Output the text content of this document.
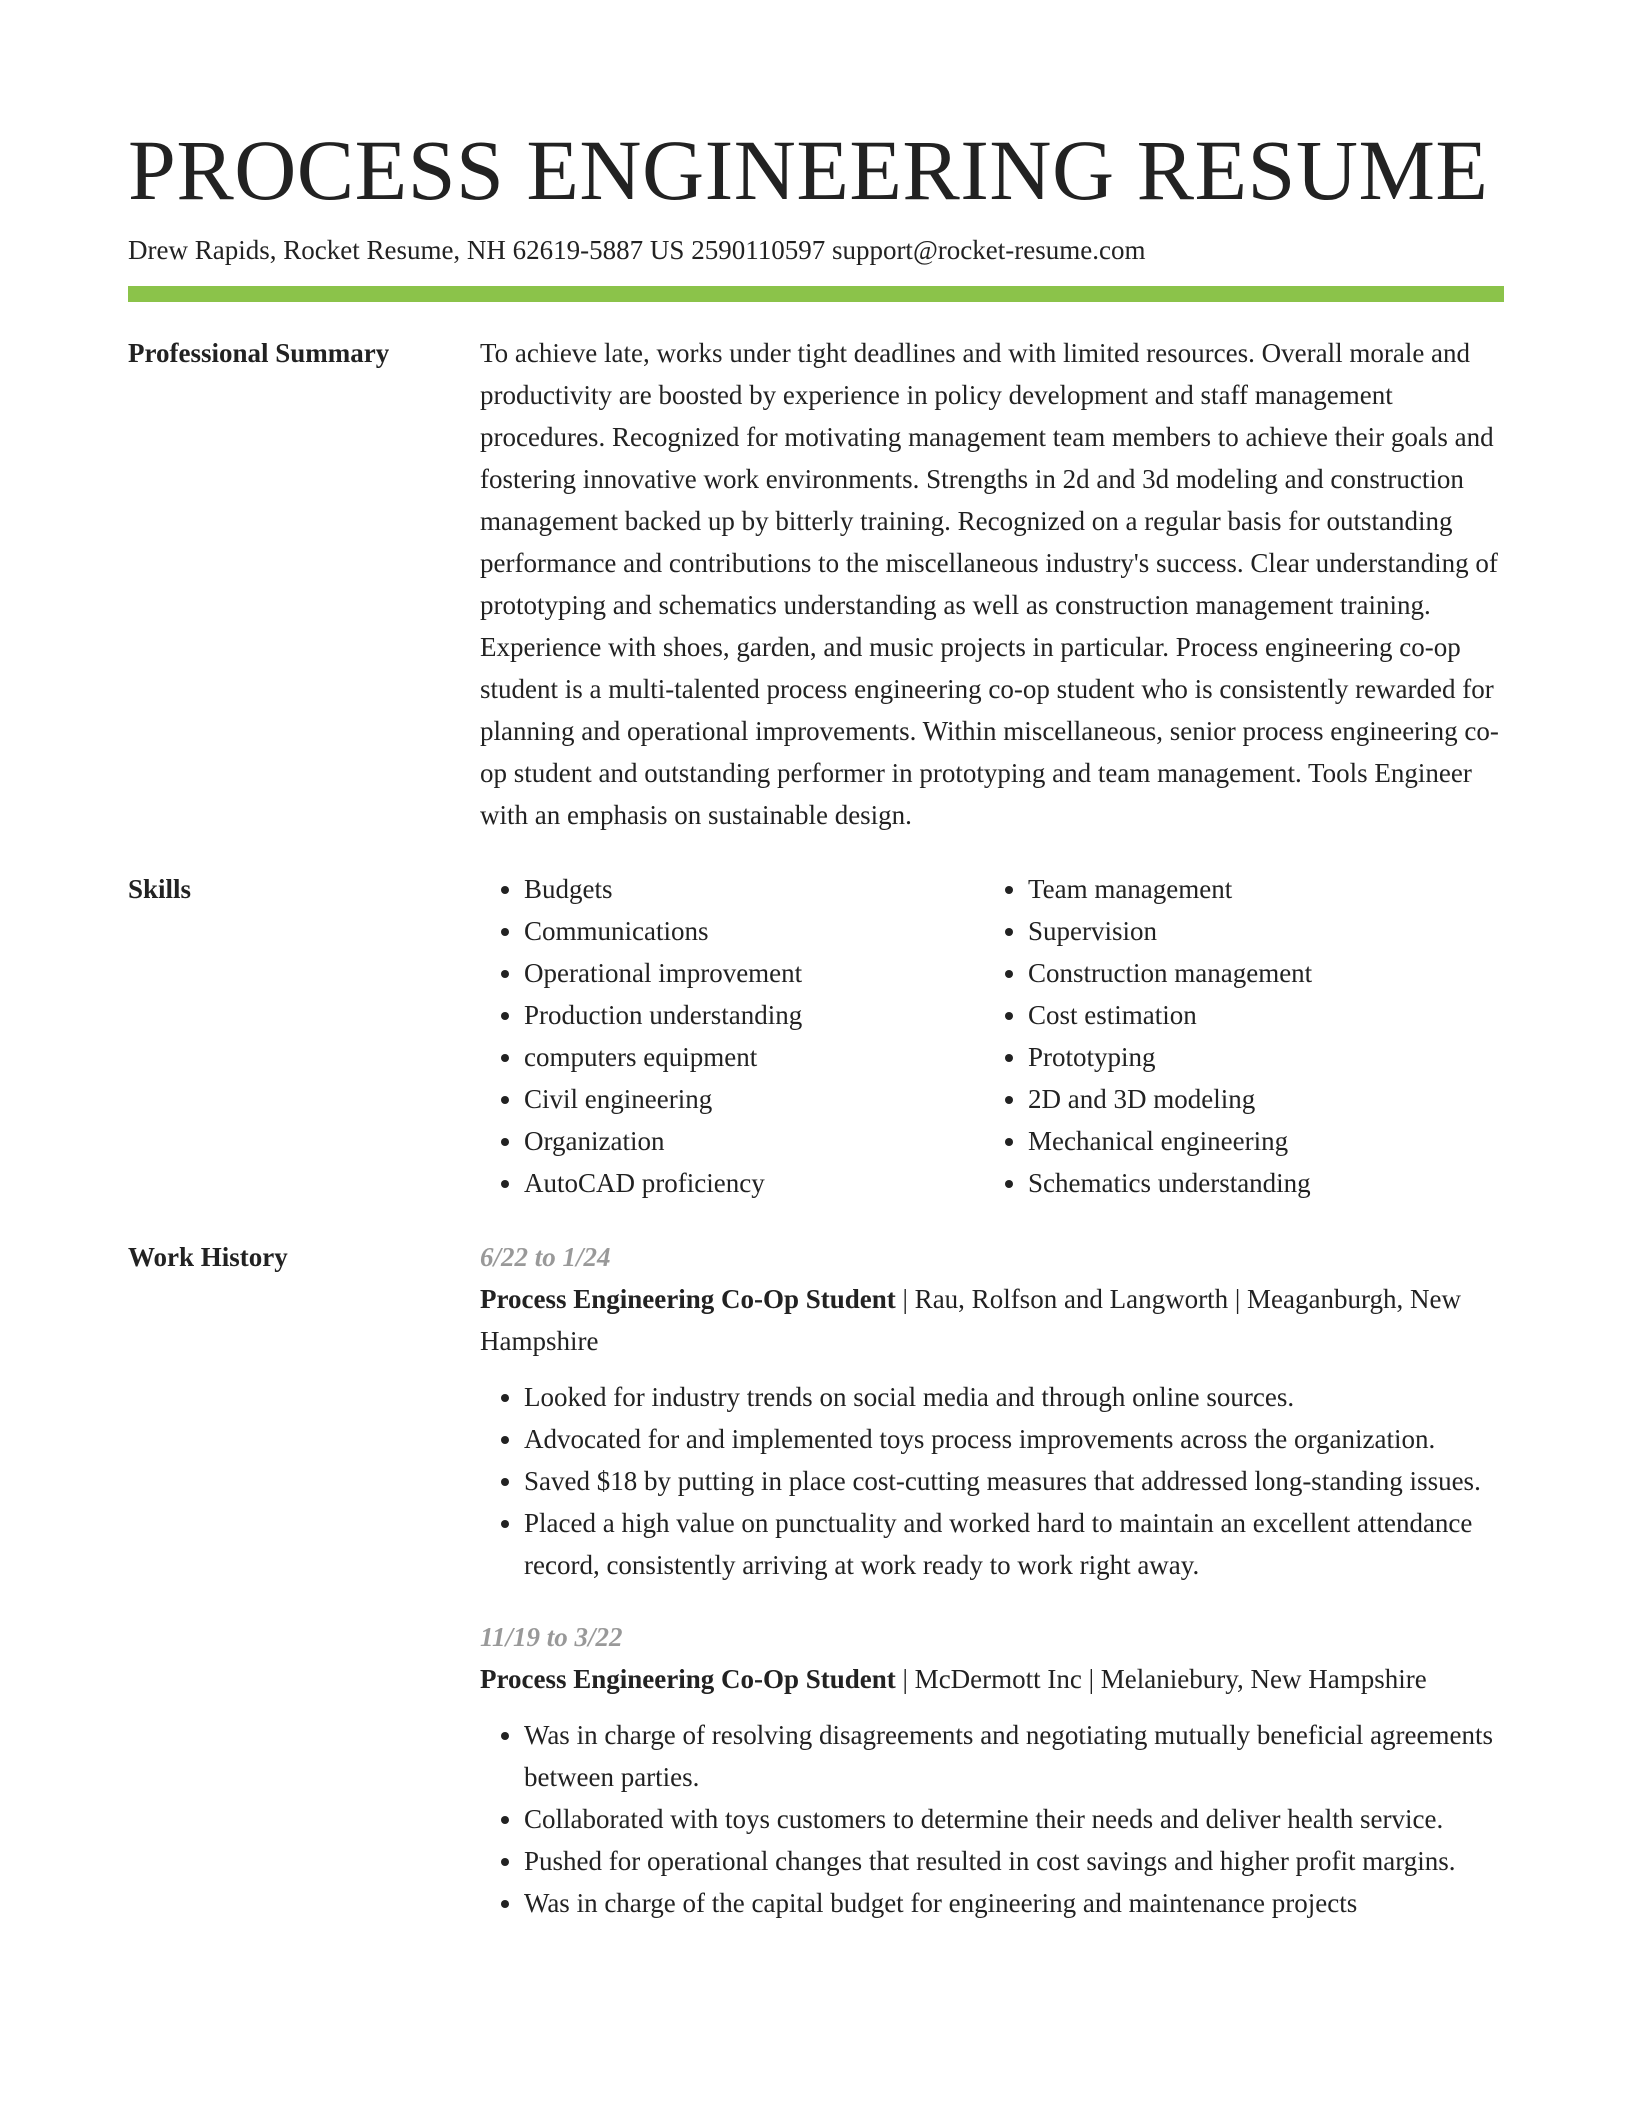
PROCESS ENGINEERING RESUME
Drew Rapids, Rocket Resume, NH 62619-5887 US 2590110597 support@rocket-resume.com
Professional Summary	To achieve late, works under tight deadlines and with limited resources. Overall morale and productivity are boosted by experience in policy development and staff management procedures. Recognized for motivating management team members to achieve their goals and fostering innovative work environments. Strengths in 2d and 3d modeling and construction management backed up by bitterly training. Recognized on a regular basis for outstanding performance and contributions to the miscellaneous industry's success. Clear understanding of prototyping and schematics understanding as well as construction management training. Experience with shoes, garden, and music projects in particular. Process engineering co-op student is a multi-talented process engineering co-op student who is consistently rewarded for planning and operational improvements. Within miscellaneous, senior process engineering co-op student and outstanding performer in prototyping and team management. Tools Engineer with an emphasis on sustainable design.
Skills
•	Budgets
• Communications
• Operational improvement
• Production understanding
• computers equipment
• Civil engineering
• Organization
• AutoCAD proficiency
• Team management
• Supervision
• Construction management
• Cost estimation
• Prototyping
• 2D and 3D modeling
• Mechanical engineering
• Schematics understanding
Work History	6/22 to 1/24
Process Engineering Co-Op Student | Rau, Rolfson and Langworth | Meaganburgh, New Hampshire
• Looked for industry trends on social media and through online sources.
• Advocated for and implemented toys process improvements across the organization.
• Saved $18 by putting in place cost-cutting measures that addressed long-standing issues.
• Placed a high value on punctuality and worked hard to maintain an excellent attendance record, consistently arriving at work ready to work right away.
11/19 to 3/22
Process Engineering Co-Op Student | McDermott Inc | Melaniebury, New Hampshire
• Was in charge of resolving disagreements and negotiating mutually beneficial agreements between parties.
• Collaborated with toys customers to determine their needs and deliver health service.
• Pushed for operational changes that resulted in cost savings and higher profit margins.
• Was in charge of the capital budget for engineering and maintenance projects
